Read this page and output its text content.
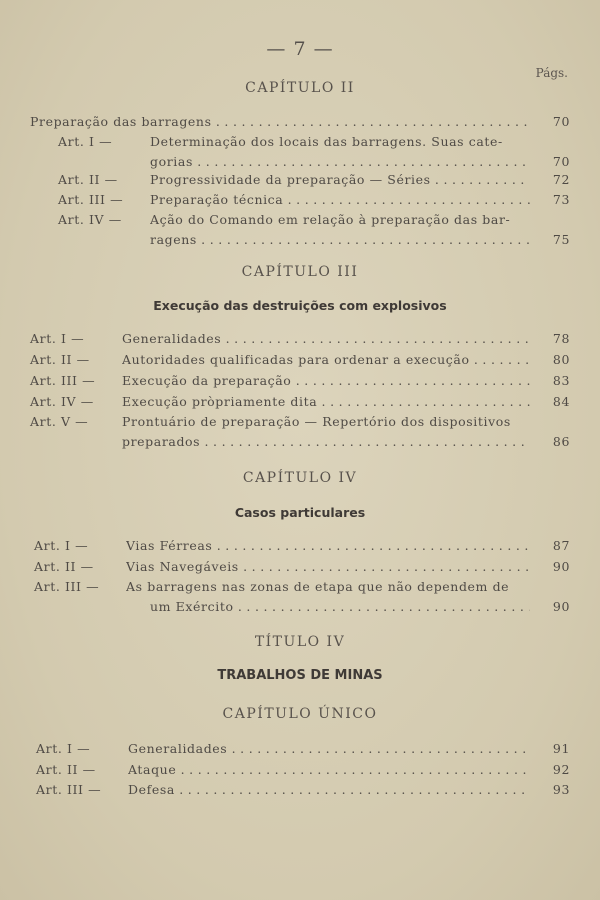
— 7 —
Págs.
CAPÍTULO II
Preparação das barragens . . .	70
Art. I —	Determinação dos locais das barragens. Suas cate-
gorias . . .	70
Art. II —	Progressividade da preparação — Séries . . .	72
Art. III —	Preparação técnica . . .	73
Art. IV —	Ação do Comando em relação à preparação das bar-
ragens . . .	75
CAPÍTULO III
Execução das destruições com explosivos
Art. I —	Generalidades . . .	78
Art. II —	Autoridades qualificadas para ordenar a execução . . .	80
Art. III —	Execução da preparação . . .	83
Art. IV —	Execução pròpriamente dita . . .	84
Art. V —	Prontuário de preparação — Repertório dos dispositivos
preparados . . .	86
CAPÍTULO IV
Casos particulares
Art. I —	Vias Férreas . . .	87
Art. II —	Vias Navegáveis . . .	90
Art. III —	As barragens nas zonas de etapa que não dependem de
um Exército . . .	90
TÍTULO IV
TRABALHOS DE MINAS
CAPÍTULO ÚNICO
Art. I —	Generalidades . . .	91
Art. II —	Ataque . . .	92
Art. III —	Defesa . . .	93
